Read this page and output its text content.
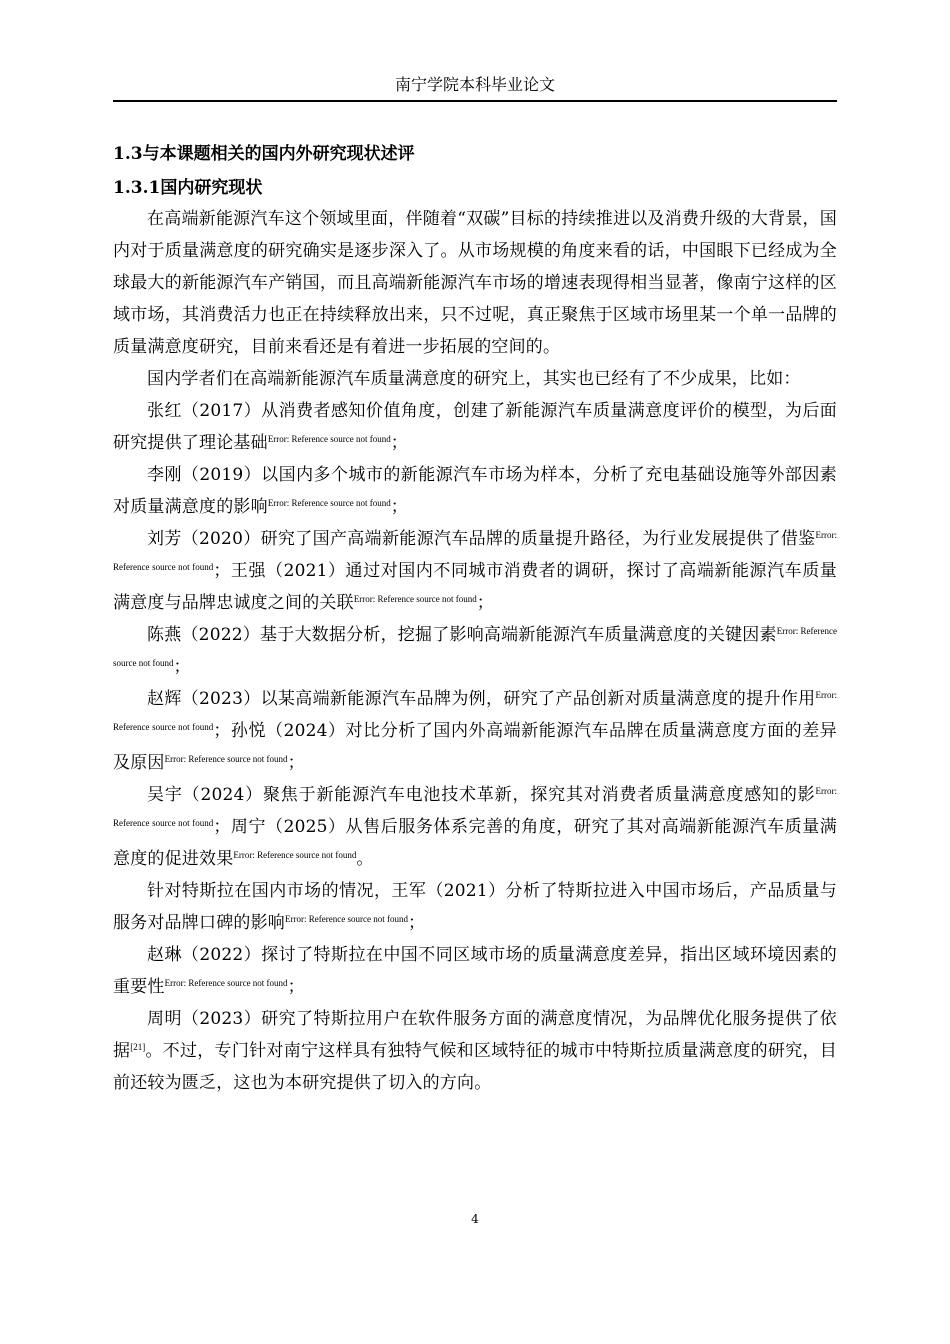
南宁学院本科毕业论文
1.3与本课题相关的国内外研究现状述评
1.3.1国内研究现状

在高端新能源汽车这个领域里面，伴随着“双碳”目标的持续推进以及消费升级的大背景，国内对于质量满意度的研究确实是逐步深入了。从市场规模的角度来看的话，中国眼下已经成为全球最大的新能源汽车产销国，而且高端新能源汽车市场的增速表现得相当显著，像南宁这样的区域市场，其消费活力也正在持续释放出来，只不过呢，真正聚焦于区域市场里某一个单一品牌的质量满意度研究，目前来看还是有着进一步拓展的空间的。

国内学者们在高端新能源汽车质量满意度的研究上，其实也已经有了不少成果，比如：

张红（2017）从消费者感知价值角度，创建了新能源汽车质量满意度评价的模型，为后面研究提供了理论基础$^{Error: Reference source not found}$；

李刚（2019）以国内多个城市的新能源汽车市场为样本，分析了充电基础设施等外部因素对质量满意度的影响$^{Error: Reference source not found}$；

刘芳（2020）研究了国产高端新能源汽车品牌的质量提升路径，为行业发展提供了借鉴$^{Error: Reference source not found}$；王强（2021）通过对国内不同城市消费者的调研，探讨了高端新能源汽车质量满意度与品牌忠诚度之间的关联$^{Error: Reference source not found}$；

陈燕（2022）基于大数据分析，挖掘了影响高端新能源汽车质量满意度的关键因素$^{Error: Reference source not found}$；

赵辉（2023）以某高端新能源汽车品牌为例，研究了产品创新对质量满意度的提升作用$^{Error: Reference source not found}$；孙悦（2024）对比分析了国内外高端新能源汽车品牌在质量满意度方面的差异及原因$^{Error: Reference source not found}$；

吴宇（2024）聚焦于新能源汽车电池技术革新，探究其对消费者质量满意度感知的影$^{Error: Reference source not found}$；周宁（2025）从售后服务体系完善的角度，研究了其对高端新能源汽车质量满意度的促进效果$^{Error: Reference source not found}$。

针对特斯拉在国内市场的情况，王军（2021）分析了特斯拉进入中国市场后，产品质量与服务对品牌口碑的影响$^{Error: Reference source not found}$；

赵琳（2022）探讨了特斯拉在中国不同区域市场的质量满意度差异，指出区域环境因素的重要性$^{Error: Reference source not found}$；

周明（2023）研究了特斯拉用户在软件服务方面的满意度情况，为品牌优化服务提供了依据[21]。不过，专门针对南宁这样具有独特气候和区域特征的城市中特斯拉质量满意度的研究，目前还较为匮乏，这也为本研究提供了切入的方向。

4
